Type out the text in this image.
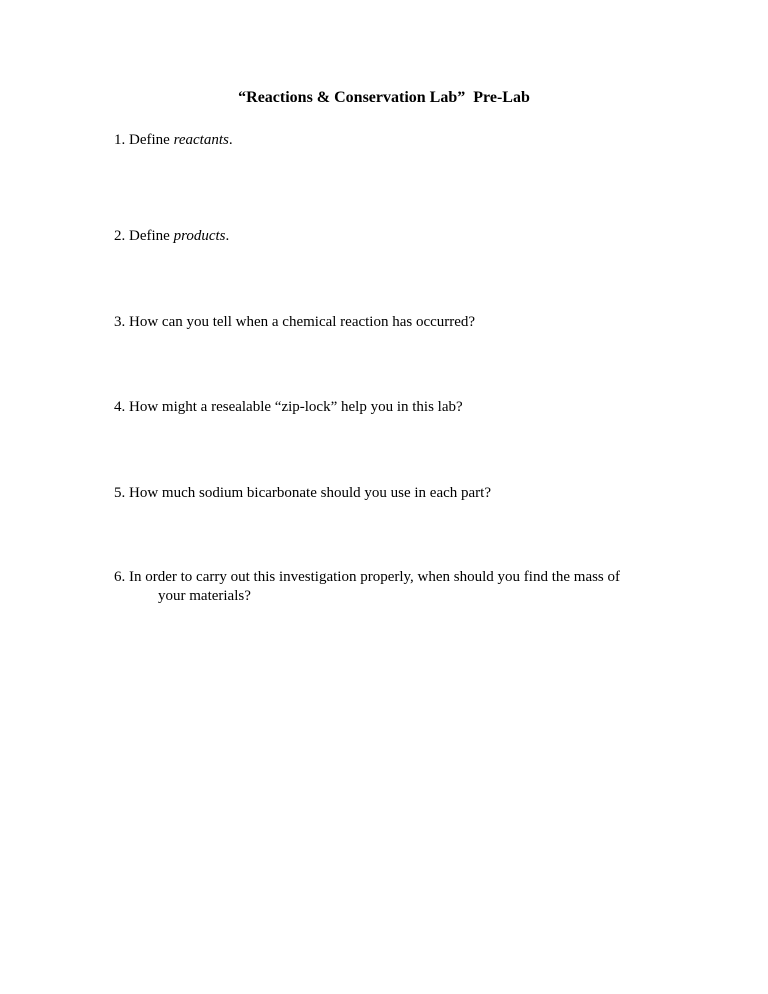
“Reactions & Conservation Lab”  Pre-Lab

1. Define reactants.

2. Define products.

3. How can you tell when a chemical reaction has occurred?

4. How might a resealable “zip-lock” help you in this lab?

5. How much sodium bicarbonate should you use in each part?

6. In order to carry out this investigation properly, when should you find the mass of
your materials?
